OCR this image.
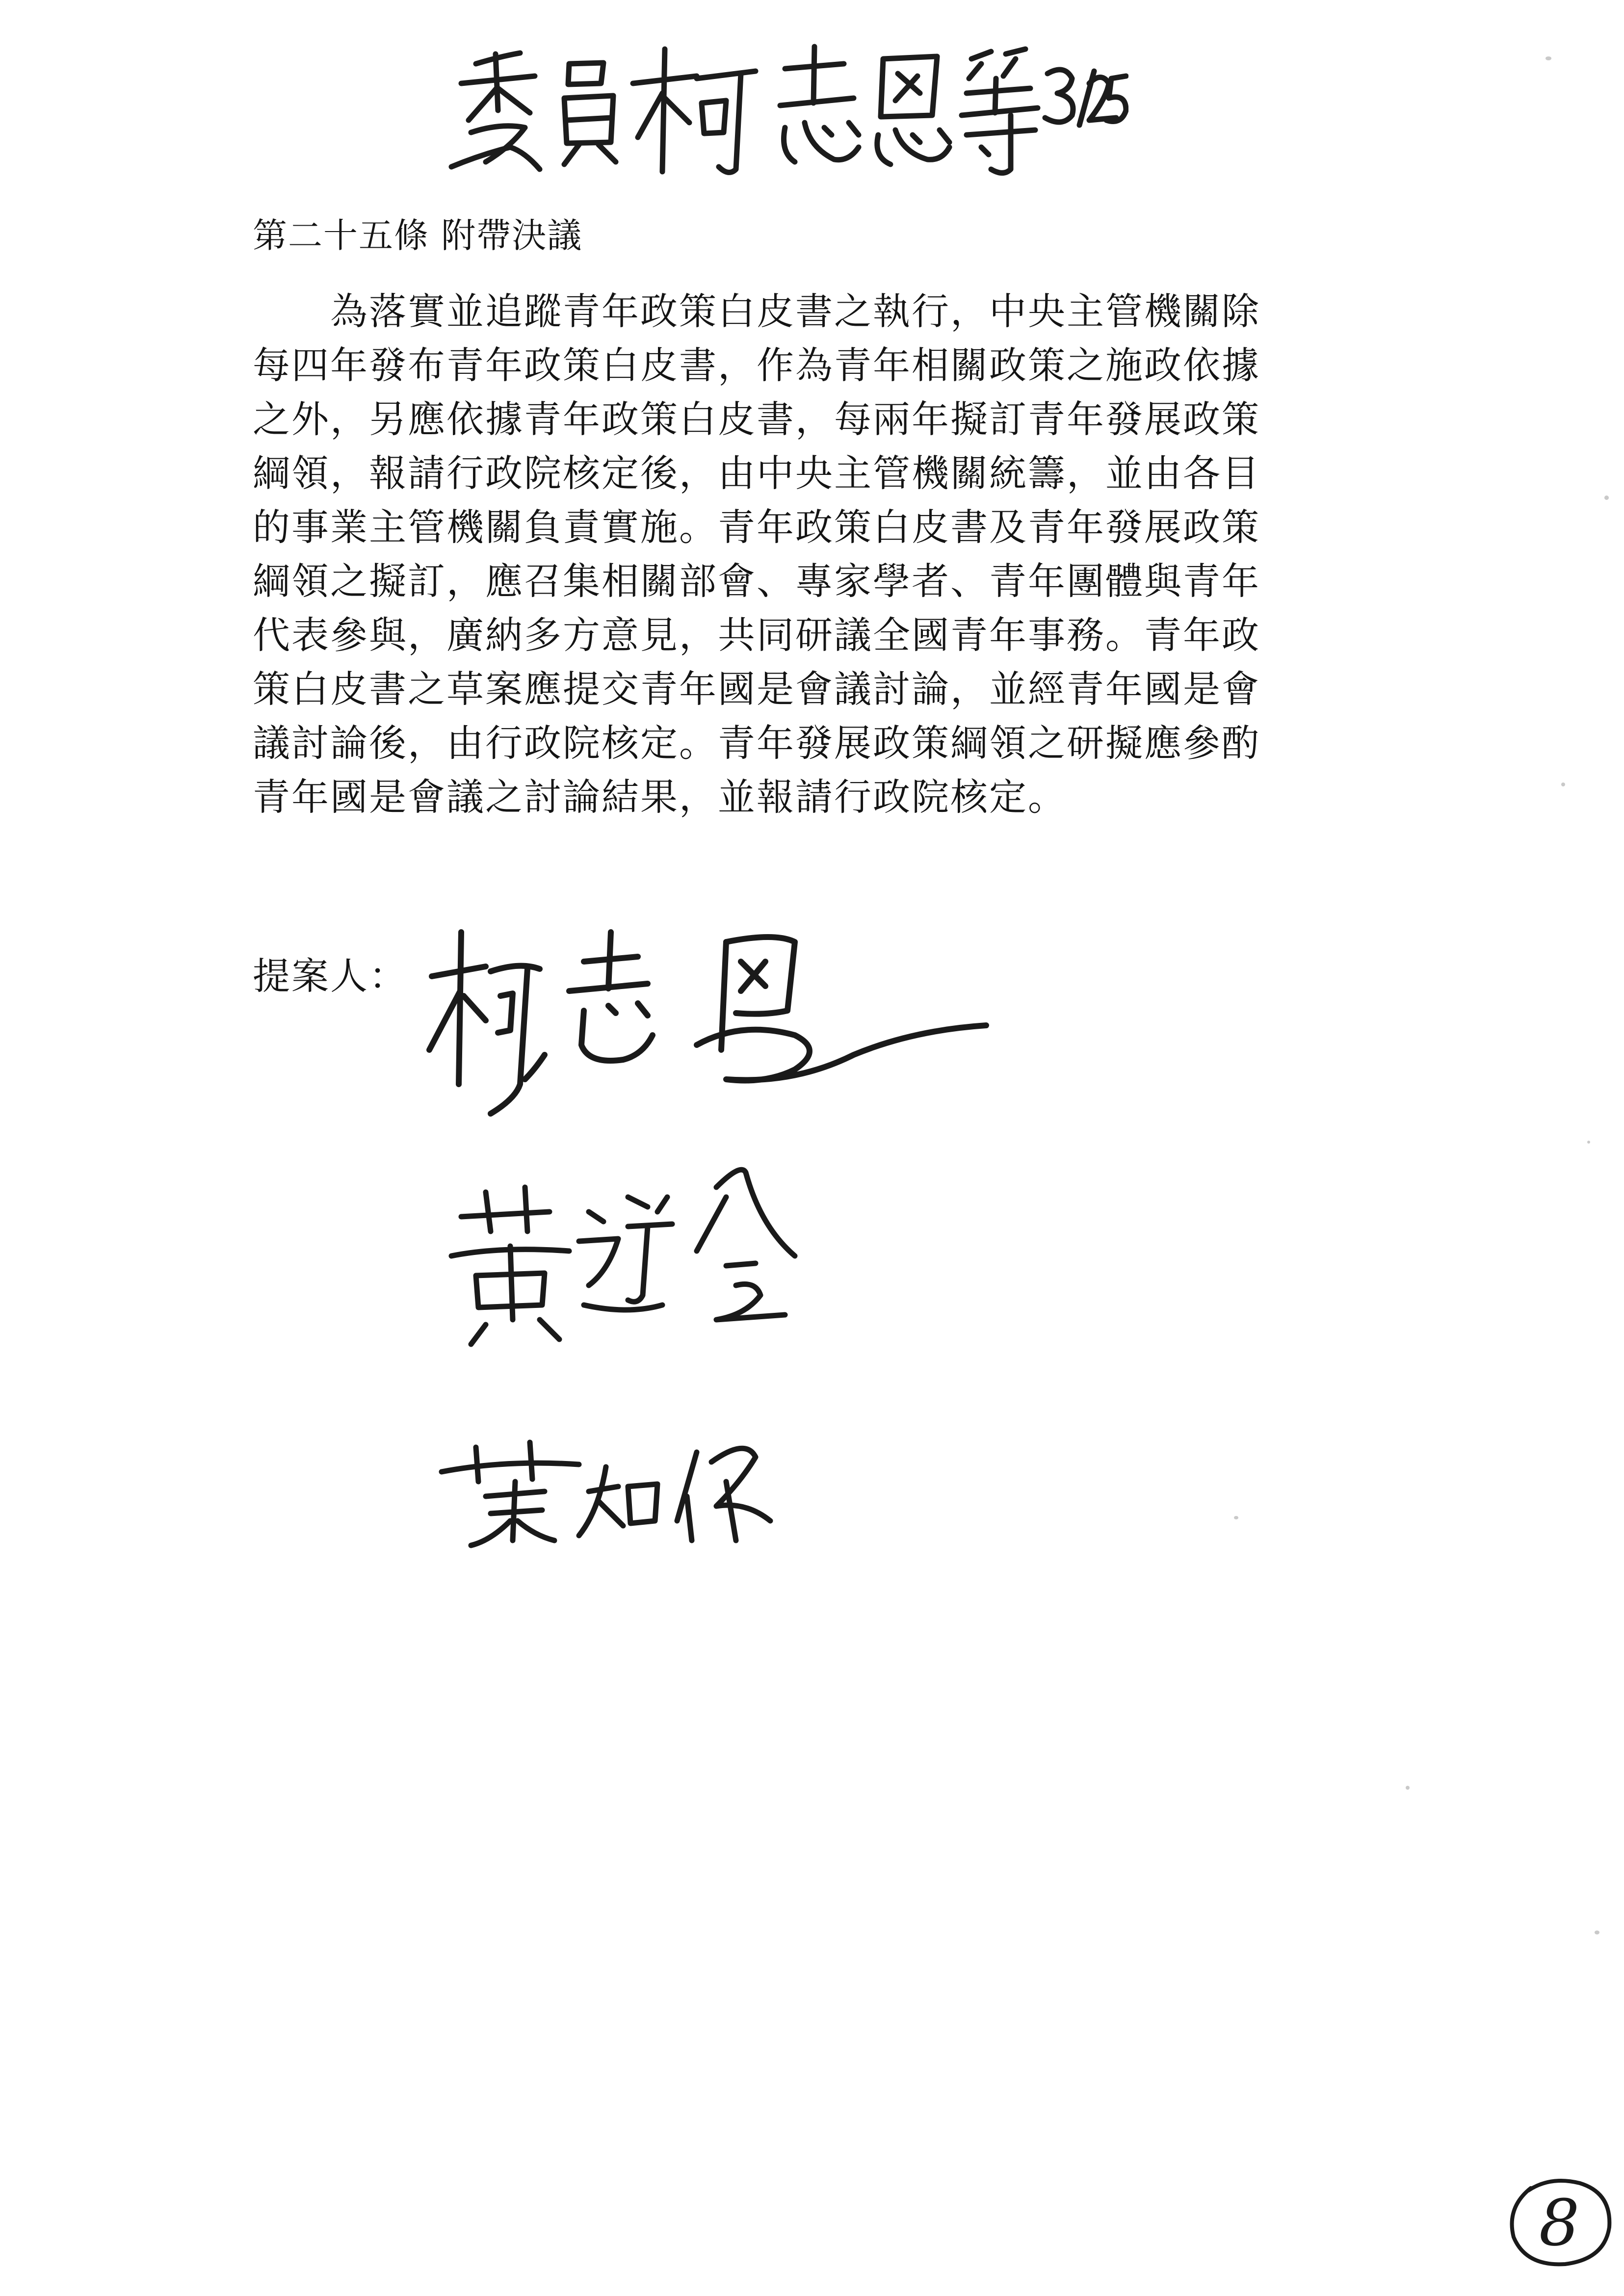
第二十五條 附帶決議
　　為落實並追蹤青年政策白皮書之執行，中央主管機關除
每四年發布青年政策白皮書，作為青年相關政策之施政依據
之外，另應依據青年政策白皮書，每兩年擬訂青年發展政策
綱領，報請行政院核定後，由中央主管機關統籌，並由各目
的事業主管機關負責實施。青年政策白皮書及青年發展政策
綱領之擬訂，應召集相關部會、專家學者、青年團體與青年
代表參與，廣納多方意見，共同研議全國青年事務。青年政
策白皮書之草案應提交青年國是會議討論，並經青年國是會
議討論後，由行政院核定。青年發展政策綱領之研擬應參酌
青年國是會議之討論結果，並報請行政院核定。
提案人：
8
